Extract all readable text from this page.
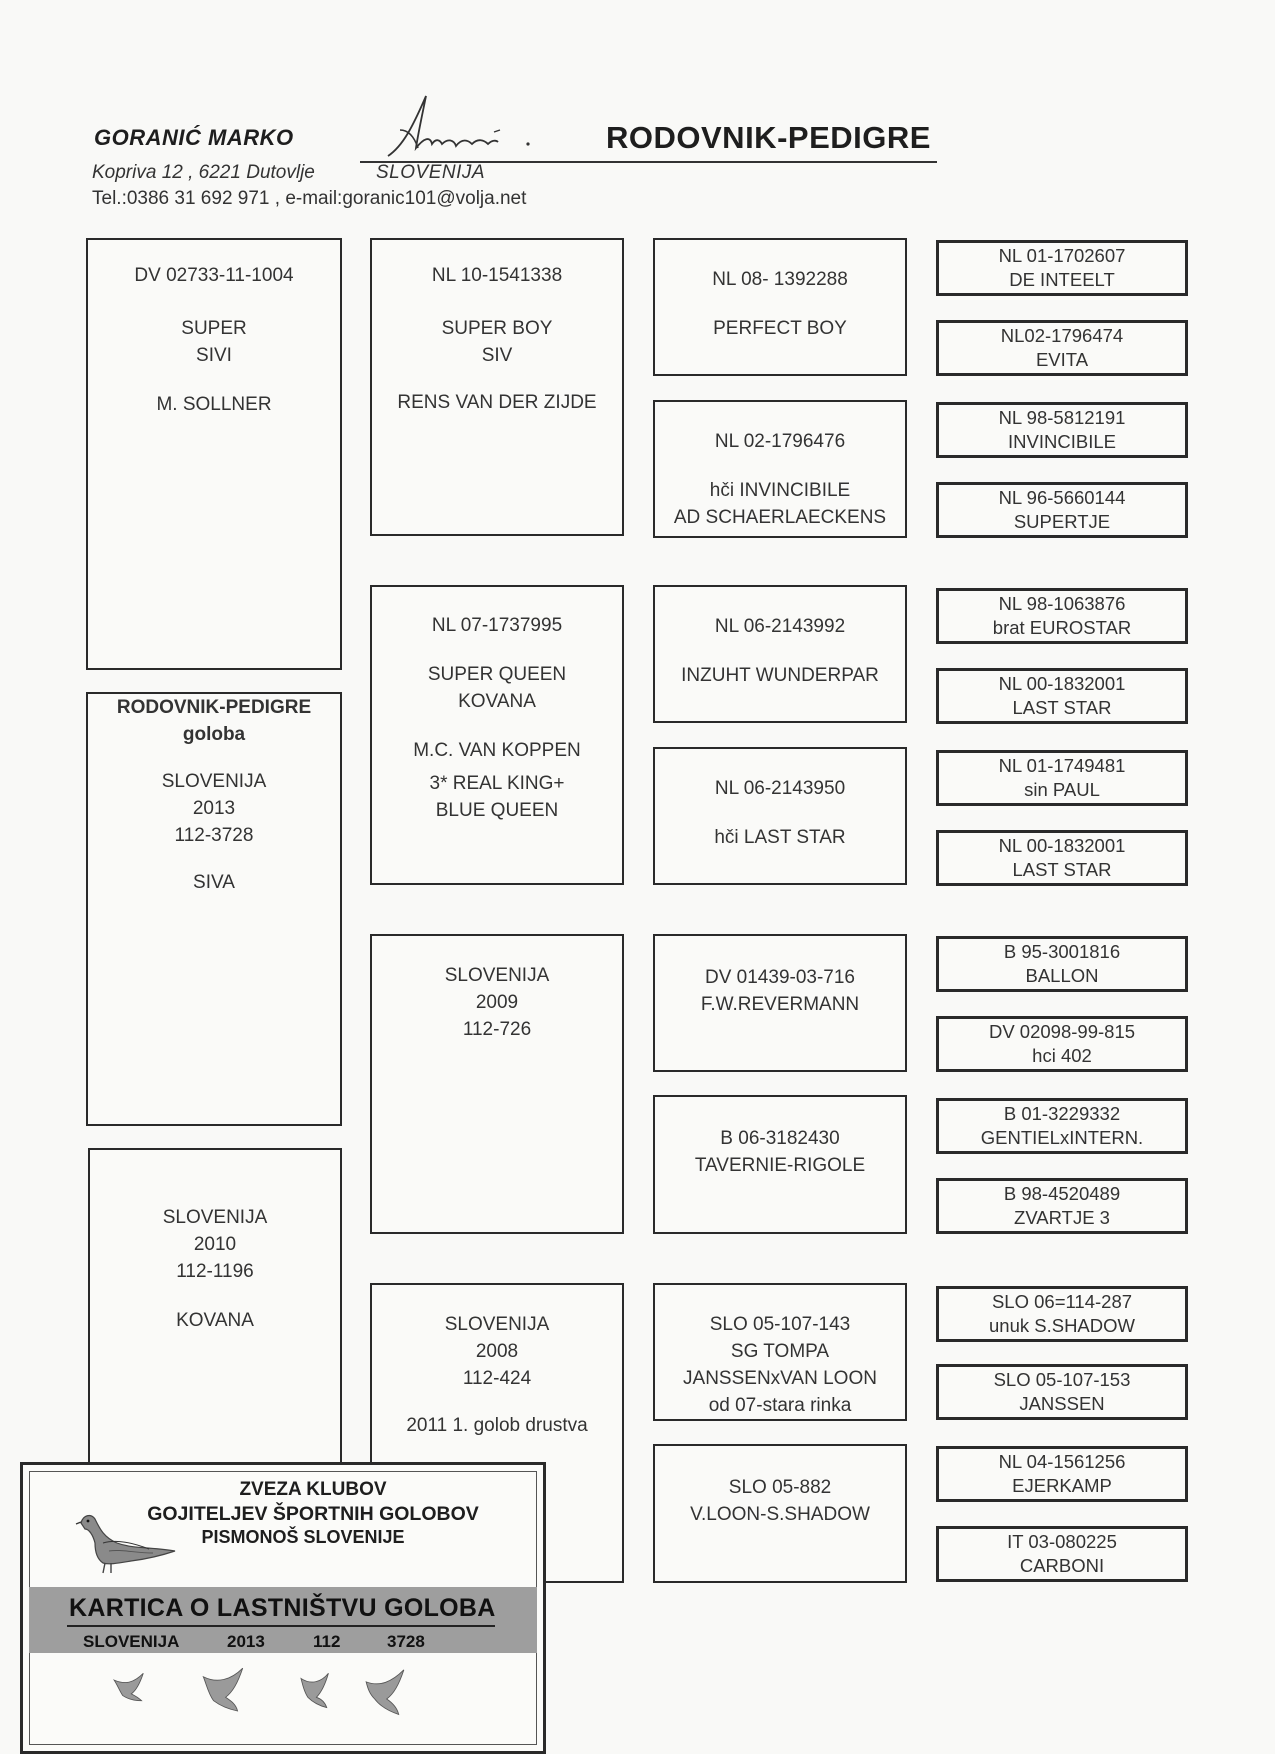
GORANIĆ MARKO	RODOVNIK-PEDIGRE
Kopriva 12 , 6221 Dutovlje	SLOVENIJA
Tel.:0386 31 692 971 , e-mail:goranic101@volja.net
DV 02733-11-1004
SUPER
SIVI
M. SOLLNER
RODOVNIK-PEDIGRE
goloba
SLOVENIJA
2013
112-3728
SIVA
SLOVENIJA
2010
112-1196
KOVANA
NL 10-1541338
SUPER BOY
SIV
RENS VAN DER ZIJDE
NL 07-1737995
SUPER QUEEN
KOVANA
M.C. VAN KOPPEN
3* REAL KING+
BLUE QUEEN
SLOVENIJA
2009
112-726
SLOVENIJA
2008
112-424
2011 1. golob drustva
NL 08- 1392288
PERFECT BOY
NL 02-1796476
hči INVINCIBILE
AD SCHAERLAECKENS
NL 06-2143992
INZUHT WUNDERPAR
NL 06-2143950
hči LAST STAR
DV 01439-03-716
F.W.REVERMANN
B 06-3182430
TAVERNIE-RIGOLE
SLO 05-107-143
SG TOMPA
JANSSENxVAN LOON
od 07-stara rinka
SLO 05-882
V.LOON-S.SHADOW
NL 01-1702607
DE INTEELT
NL02-1796474
EVITA
NL 98-5812191
INVINCIBILE
NL 96-5660144
SUPERTJE
NL 98-1063876
brat EUROSTAR
NL 00-1832001
LAST STAR
NL 01-1749481
sin PAUL
NL 00-1832001
LAST STAR
B 95-3001816
BALLON
DV 02098-99-815
hci 402
B 01-3229332
GENTIELxINTERN.
B 98-4520489
ZVARTJE 3
SLO 06=114-287
unuk S.SHADOW
SLO 05-107-153
JANSSEN
NL 04-1561256
EJERKAMP
IT 03-080225
CARBONI
ZVEZA KLUBOV
GOJITELJEV ŠPORTNIH GOLOBOV
PISMONOŠ SLOVENIJE
KARTICA O LASTNIŠTVU GOLOBA
SLOVENIJA	2013	112	3728
